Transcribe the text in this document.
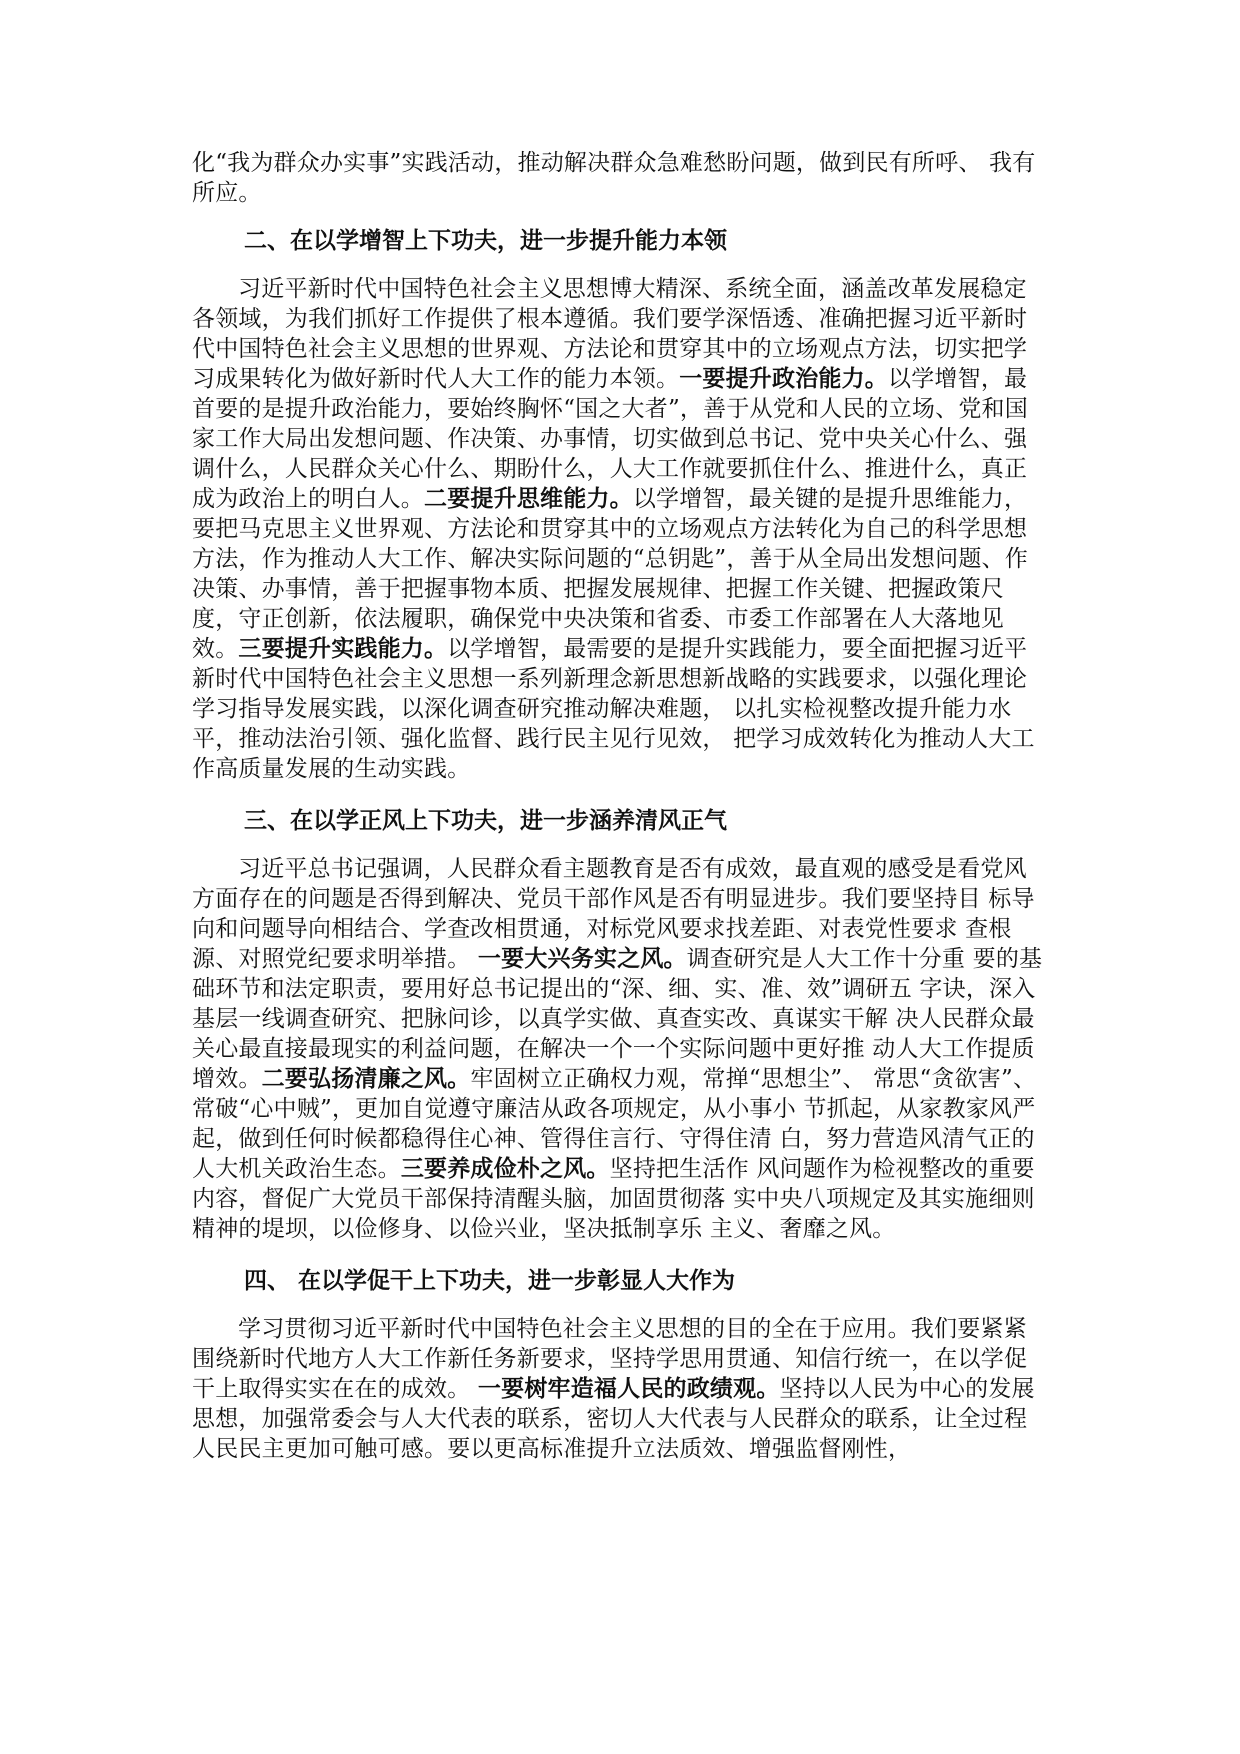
化“我为群众办实事”实践活动，推动解决群众急难愁盼问题，做到民有所呼、 我有所应。

二、在以学增智上下功夫，进一步提升能力本领

习近平新时代中国特色社会主义思想博大精深、系统全面，涵盖改革发展稳定各领域，为我们抓好工作提供了根本遵循。我们要学深悟透、准确把握习近平新时代中国特色社会主义思想的世界观、方法论和贯穿其中的立场观点方法，切实把学习成果转化为做好新时代人大工作的能力本领。一要提升政治能力。以学增智，最首要的是提升政治能力，要始终胸怀“国之大者”，善于从党和人民的立场、党和国家工作大局出发想问题、作决策、办事情，切实做到总书记、党中央关心什么、强调什么，人民群众关心什么、期盼什么，人大工作就要抓住什么、推进什么，真正成为政治上的明白人。二要提升思维能力。以学增智，最关键的是提升思维能力，要把马克思主义世界观、方法论和贯穿其中的立场观点方法转化为自己的科学思想方法，作为推动人大工作、解决实际问题的“总钥匙”，善于从全局出发想问题、作决策、办事情，善于把握事物本质、把握发展规律、把握工作关键、把握政策尺度，守正创新，依法履职，确保党中央决策和省委、市委工作部署在人大落地见效。三要提升实践能力。以学增智，最需要的是提升实践能力，要全面把握习近平新时代中国特色社会主义思想一系列新理念新思想新战略的实践要求，以强化理论学习指导发展实践，以深化调查研究推动解决难题， 以扎实检视整改提升能力水平，推动法治引领、强化监督、践行民主见行见效， 把学习成效转化为推动人大工作高质量发展的生动实践。

三、在以学正风上下功夫，进一步涵养清风正气

习近平总书记强调，人民群众看主题教育是否有成效，最直观的感受是看党风方面存在的问题是否得到解决、党员干部作风是否有明显进步。我们要坚持目 标导向和问题导向相结合、学查改相贯通，对标党风要求找差距、对表党性要求 查根源、对照党纪要求明举措。 一要大兴务实之风。调查研究是人大工作十分重 要的基础环节和法定职责，要用好总书记提出的“深、细、实、准、效”调研五 字诀，深入基层一线调查研究、把脉问诊，以真学实做、真查实改、真谋实干解 决人民群众最关心最直接最现实的利益问题，在解决一个一个实际问题中更好推 动人大工作提质增效。二要弘扬清廉之风。牢固树立正确权力观，常掸“思想尘”、 常思“贪欲害”、常破“心中贼”，更加自觉遵守廉洁从政各项规定，从小事小 节抓起，从家教家风严起，做到任何时候都稳得住心神、管得住言行、守得住清 白，努力营造风清气正的人大机关政治生态。三要养成俭朴之风。坚持把生活作 风问题作为检视整改的重要内容，督促广大党员干部保持清醒头脑，加固贯彻落 实中央八项规定及其实施细则精神的堤坝，以俭修身、以俭兴业，坚决抵制享乐 主义、奢靡之风。

四、 在以学促干上下功夫，进一步彰显人大作为

学习贯彻习近平新时代中国特色社会主义思想的目的全在于应用。我们要紧紧围绕新时代地方人大工作新任务新要求，坚持学思用贯通、知信行统一，在以学促干上取得实实在在的成效。 一要树牢造福人民的政绩观。坚持以人民为中心的发展思想，加强常委会与人大代表的联系，密切人大代表与人民群众的联系，让全过程人民民主更加可触可感。要以更高标准提升立法质效、增强监督刚性，
